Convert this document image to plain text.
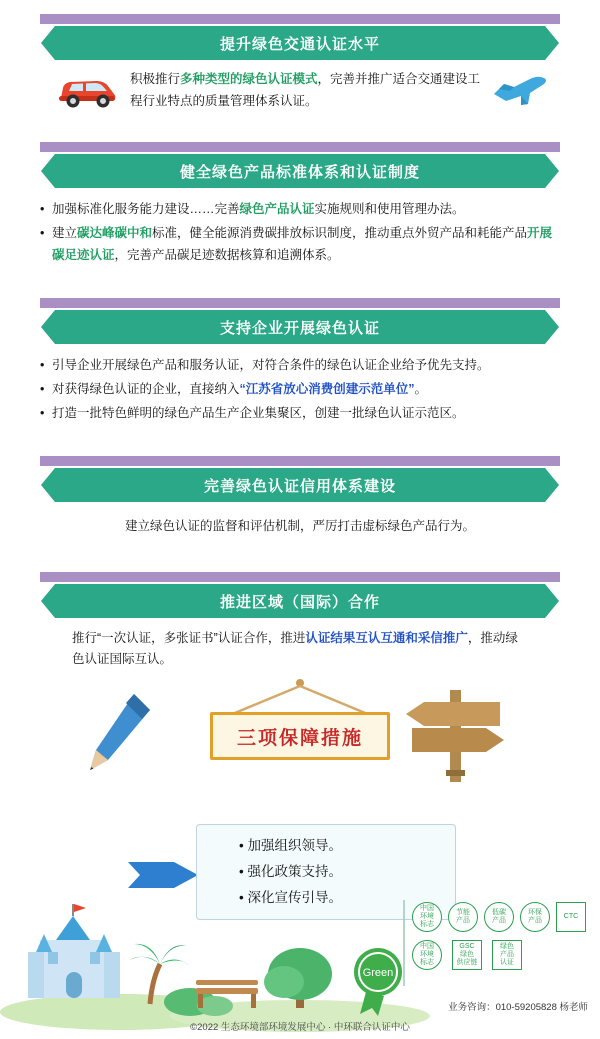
提升绿色交通认证水平
积极推行多种类型的绿色认证模式，完善并推广适合交通建设工程行业特点的质量管理体系认证。
健全绿色产品标准体系和认证制度
• 加强标准化服务能力建设……完善绿色产品认证实施规则和使用管理办法。
• 建立碳达峰碳中和标准，健全能源消费碳排放标识制度，推动重点外贸产品和耗能产品开展碳足迹认证，完善产品碳足迹数据核算和追溯体系。
支持企业开展绿色认证
• 引导企业开展绿色产品和服务认证，对符合条件的绿色认证企业给予优先支持。
• 对获得绿色认证的企业，直接纳入“江苏省放心消费创建示范单位”。
• 打造一批特色鲜明的绿色产品生产企业集聚区，创建一批绿色认证示范区。
完善绿色认证信用体系建设
建立绿色认证的监督和评估机制，严厉打击虚标绿色产品行为。
推进区域（国际）合作
推行“一次认证，多张证书”认证合作，推进认证结果互认互通和采信推广，推动绿色认证国际互认。
三项保障措施
• 加强组织领导。
• 强化政策支持。
• 深化宣传引导。
Green
中国
环境
标志
节能
产品
低碳
产品
环保
产品
CTC
中国
环境
标志
GSC
绿色
供应链
绿色
产品
认证
业务咨询：010-59205828 杨老师
©2022 生态环境部环境发展中心 · 中环联合认证中心
